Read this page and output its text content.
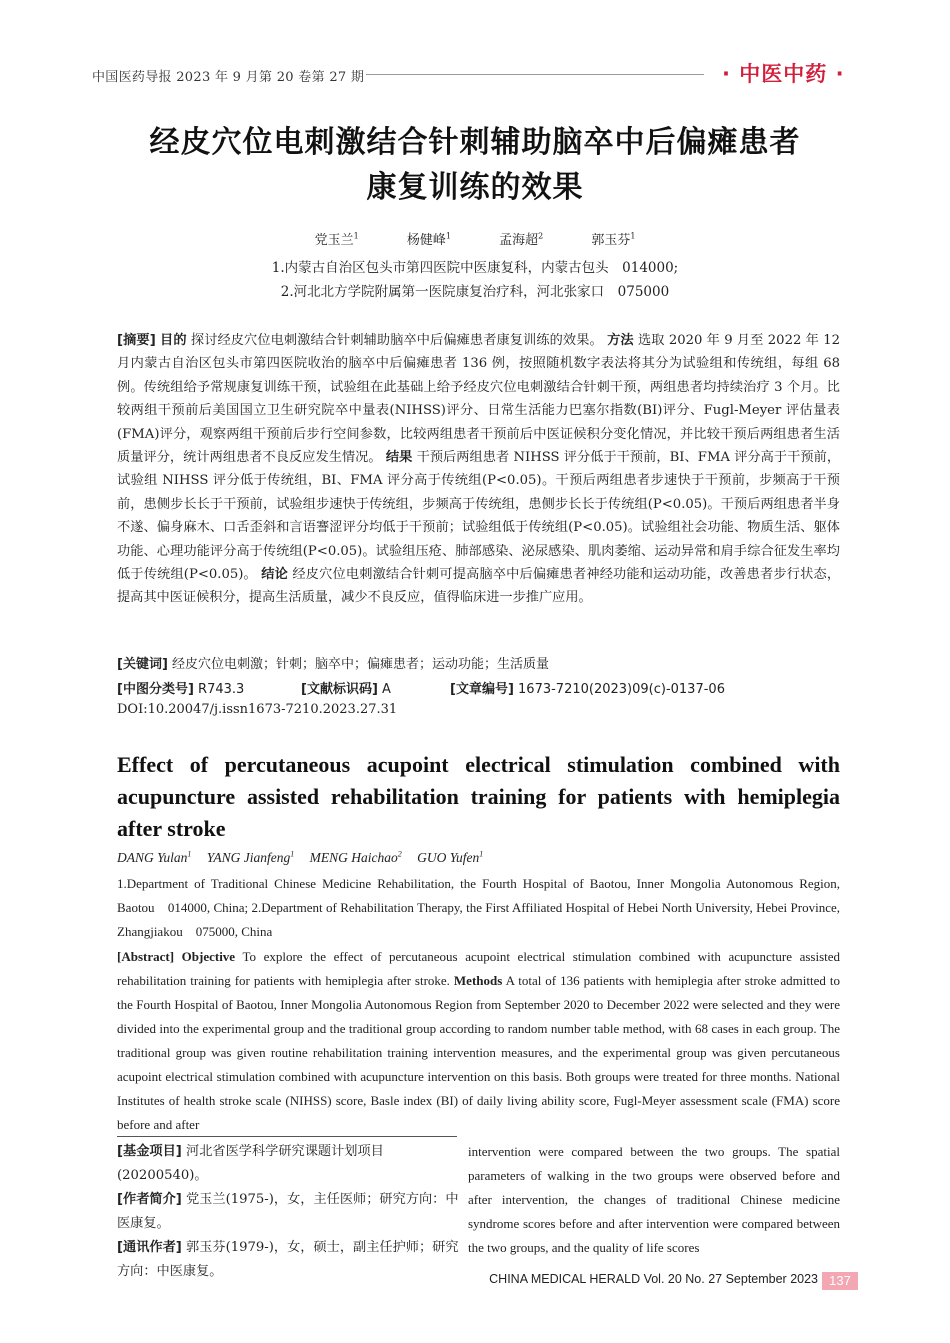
中国医药导报 2023 年 9 月第 20 卷第 27 期	· 中医中药 ·
经皮穴位电刺激结合针刺辅助脑卒中后偏瘫患者
康复训练的效果
党玉兰$^1$	杨健峰$^1$	孟海超$^2$	郭玉芬$^1$
1.内蒙古自治区包头市第四医院中医康复科，内蒙古包头　014000;
2.河北北方学院附属第一医院康复治疗科，河北张家口　075000
[摘要] 目的 探讨经皮穴位电刺激结合针刺辅助脑卒中后偏瘫患者康复训练的效果。 方法 选取 2020 年 9 月至 2022 年 12 月内蒙古自治区包头市第四医院收治的脑卒中后偏瘫患者 136 例，按照随机数字表法将其分为试验组和传统组，每组 68 例。传统组给予常规康复训练干预，试验组在此基础上给予经皮穴位电刺激结合针刺干预，两组患者均持续治疗 3 个月。比较两组干预前后美国国立卫生研究院卒中量表(NIHSS)评分、日常生活能力巴塞尔指数(BI)评分、Fugl-Meyer 评估量表(FMA)评分，观察两组干预前后步行空间参数，比较两组患者干预前后中医证候积分变化情况，并比较干预后两组患者生活质量评分，统计两组患者不良反应发生情况。 结果 干预后两组患者 NIHSS 评分低于干预前，BI、FMA 评分高于干预前，试验组 NIHSS 评分低于传统组，BI、FMA 评分高于传统组(P<0.05)。干预后两组患者步速快于干预前，步频高于干预前，患侧步长长于干预前，试验组步速快于传统组，步频高于传统组，患侧步长长于传统组(P<0.05)。干预后两组患者半身不遂、偏身麻木、口舌歪斜和言语謇涩评分均低于干预前；试验组低于传统组(P<0.05)。试验组社会功能、物质生活、躯体功能、心理功能评分高于传统组(P<0.05)。试验组压疮、肺部感染、泌尿感染、肌肉萎缩、运动异常和肩手综合征发生率均低于传统组(P<0.05)。 结论 经皮穴位电刺激结合针刺可提高脑卒中后偏瘫患者神经功能和运动功能，改善患者步行状态，提高其中医证候积分，提高生活质量，减少不良反应，值得临床进一步推广应用。
[关键词] 经皮穴位电刺激；针刺；脑卒中；偏瘫患者；运动功能；生活质量
[中图分类号] R743.3	[文献标识码] A	[文章编号] 1673-7210(2023)09(c)-0137-06
DOI:10.20047/j.issn1673-7210.2023.27.31
Effect of percutaneous acupoint electrical stimulation combined with acupuncture assisted rehabilitation training for patients with hemiplegia after stroke
DANG Yulan$^1$ YANG Jianfeng$^1$ MENG Haichao$^2$ GUO Yufen$^1$
1.Department of Traditional Chinese Medicine Rehabilitation, the Fourth Hospital of Baotou, Inner Mongolia Autonomous Region, Baotou　014000, China; 2.Department of Rehabilitation Therapy, the First Affiliated Hospital of Hebei North University, Hebei Province, Zhangjiakou　075000, China
[Abstract] Objective To explore the effect of percutaneous acupoint electrical stimulation combined with acupuncture assisted rehabilitation training for patients with hemiplegia after stroke. Methods A total of 136 patients with hemiplegia after stroke admitted to the Fourth Hospital of Baotou, Inner Mongolia Autonomous Region from September 2020 to December 2022 were selected and they were divided into the experimental group and the traditional group according to random number table method, with 68 cases in each group. The traditional group was given routine rehabilitation training intervention measures, and the experimental group was given percutaneous acupoint electrical stimulation combined with acupuncture intervention on this basis. Both groups were treated for three months. National Institutes of health stroke scale (NIHSS) score, Basle index (BI) of daily living ability score, Fugl-Meyer assessment scale (FMA) score before and after
[基金项目] 河北省医学科学研究课题计划项目(20200540)。
[作者简介] 党玉兰(1975-)，女，主任医师；研究方向：中医康复。
[通讯作者] 郭玉芬(1979-)，女，硕士，副主任护师；研究方向：中医康复。
intervention were compared between the two groups. The spatial parameters of walking in the two groups were observed before and after intervention, the changes of traditional Chinese medicine syndrome scores before and after intervention were compared between the two groups, and the quality of life scores
CHINA MEDICAL HERALD Vol. 20 No. 27 September 2023 137
